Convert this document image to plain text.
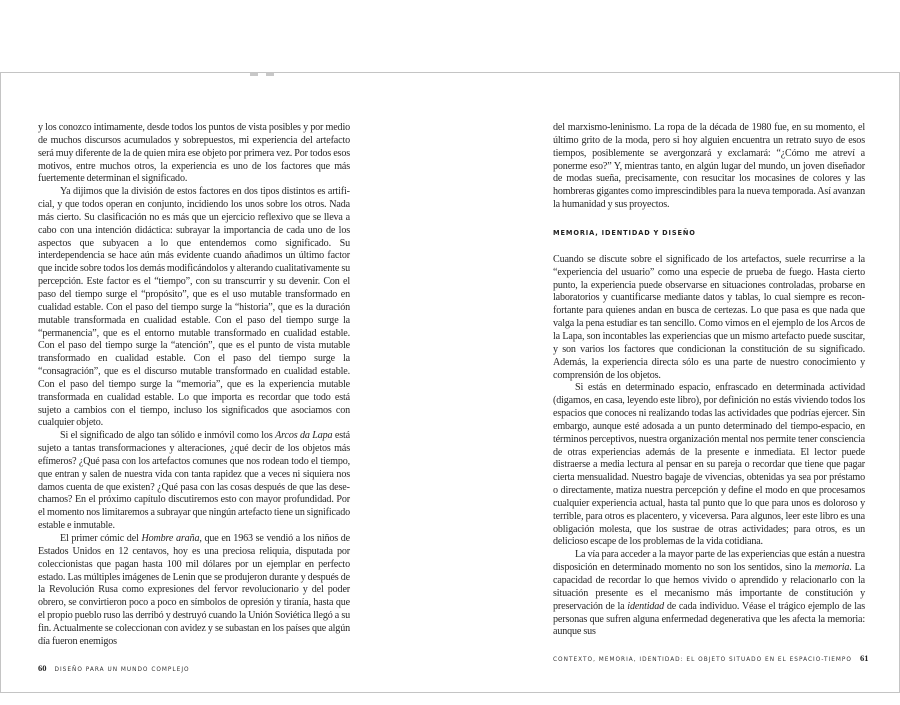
y los conozco intimamente, desde todos los puntos de vista posibles y por medio de muchos discursos acumulados y sobrepuestos, mi experiencia del artefacto será muy diferente de la de quien mira ese objeto por primera vez. Por todos esos motivos, entre muchos otros, la experiencia es uno de los factores que más fuertemente determinan el significado.

Ya dijimos que la división de estos factores en dos tipos distintos es artificial, y que todos operan en conjunto, incidiendo los unos sobre los otros. Nada más cierto. Su clasificación no es más que un ejercicio reflexivo que se lleva a cabo con una intención didáctica: subrayar la importancia de cada uno de los aspectos que subyacen a lo que entendemos como significado. Su interdependencia se hace aún más evidente cuando añadimos un último factor que incide sobre todos los demás modificándolos y alterando cualitativamente su percepción. Este factor es el “tiempo”, con su transcurrir y su devenir. Con el paso del tiempo surge el “propósito”, que es el uso mutable transformado en cualidad estable. Con el paso del tiempo surge la “historia”, que es la duración mutable transformada en cualidad estable. Con el paso del tiempo surge la “permanencia”, que es el entorno mutable transformado en cualidad estable. Con el paso del tiempo surge la “atención”, que es el punto de vista mutable transformado en cualidad estable. Con el paso del tiempo surge la “consagración”, que es el discurso mutable transformado en cualidad estable. Con el paso del tiempo surge la “memoria”, que es la experiencia mutable transformada en cualidad estable. Lo que importa es recordar que todo está sujeto a cambios con el tiempo, incluso los significados que asociamos con cualquier objeto.

Si el significado de algo tan sólido e inmóvil como los Arcos da Lapa está sujeto a tantas transformaciones y alteraciones, ¿qué decir de los objetos más efímeros? ¿Qué pasa con los artefactos comunes que nos rodean todo el tiempo, que entran y salen de nuestra vida con tanta rapidez que a veces ni siquiera nos damos cuenta de que existen? ¿Qué pasa con las cosas después de que las desechamos? En el próximo capítulo discutiremos esto con mayor profundidad. Por el momento nos limitaremos a subrayar que ningún artefacto tiene un significado estable e inmutable.

El primer cómic del Hombre araña, que en 1963 se vendió a los niños de Estados Unidos en 12 centavos, hoy es una preciosa reliquia, disputada por coleccionistas que pagan hasta 100 mil dólares por un ejemplar en perfecto estado. Las múltiples imágenes de Lenin que se produjeron durante y después de la Revolución Rusa como expresiones del fervor revolucionario y del poder obrero, se convirtieron poco a poco en símbolos de opresión y tiranía, hasta que el propio pueblo ruso las derribó y destruyó cuando la Unión Soviética llegó a su fin. Actualmente se coleccionan con avidez y se subastan en los países que algún día fueron enemigos

60 DISEÑO PARA UN MUNDO COMPLEJO

del marxismo-leninismo. La ropa de la década de 1980 fue, en su momento, el último grito de la moda, pero si hoy alguien encuentra un retrato suyo de esos tiempos, posiblemente se avergonzará y exclamará: “¿Cómo me atreví a ponerme eso?” Y, mientras tanto, en algún lugar del mundo, un joven diseñador de modas sueña, precisamente, con resucitar los mocasines de colores y las hombreras gigantes como imprescindibles para la nueva temporada. Así avanzan la humanidad y sus proyectos.

MEMORIA, IDENTIDAD Y DISEÑO

Cuando se discute sobre el significado de los artefactos, suele recurrirse a la “experiencia del usuario” como una especie de prueba de fuego. Hasta cierto punto, la experiencia puede observarse en situaciones controladas, probarse en laboratorios y cuantificarse mediante datos y tablas, lo cual siempre es reconfortante para quienes andan en busca de certezas. Lo que pasa es que nada que valga la pena estudiar es tan sencillo. Como vimos en el ejemplo de los Arcos de la Lapa, son incontables las experiencias que un mismo artefacto puede suscitar, y son varios los factores que condicionan la constitución de su significado. Además, la experiencia directa sólo es una parte de nuestro conocimiento y comprensión de los objetos.

Si estás en determinado espacio, enfrascado en determinada actividad (digamos, en casa, leyendo este libro), por definición no estás viviendo todos los espacios que conoces ni realizando todas las actividades que podrías ejercer. Sin embargo, aunque esté adosada a un punto determinado del tiempo-espacio, en términos perceptivos, nuestra organización mental nos permite tener consciencia de otras experiencias además de la presente e inmediata. El lector puede distraerse a media lectura al pensar en su pareja o recordar que tiene que pagar cierta mensualidad. Nuestro bagaje de vivencias, obtenidas ya sea por préstamo o directamente, matiza nuestra percepción y define el modo en que procesamos cualquier experiencia actual, hasta tal punto que lo que para unos es doloroso y terrible, para otros es placentero, y viceversa. Para algunos, leer este libro es una obligación molesta, que los sustrae de otras actividades; para otros, es un delicioso escape de los problemas de la vida cotidiana.

La vía para acceder a la mayor parte de las experiencias que están a nuestra disposición en determinado momento no son los sentidos, sino la memoria. La capacidad de recordar lo que hemos vivido o aprendido y relacionarlo con la situación presente es el mecanismo más importante de constitución y preservación de la identidad de cada individuo. Véase el trágico ejemplo de las personas que sufren alguna enfermedad degenerativa que les afecta la memoria: aunque sus

CONTEXTO, MEMORIA, IDENTIDAD: EL OBJETO SITUADO EN EL ESPACIO-TIEMPO 61
